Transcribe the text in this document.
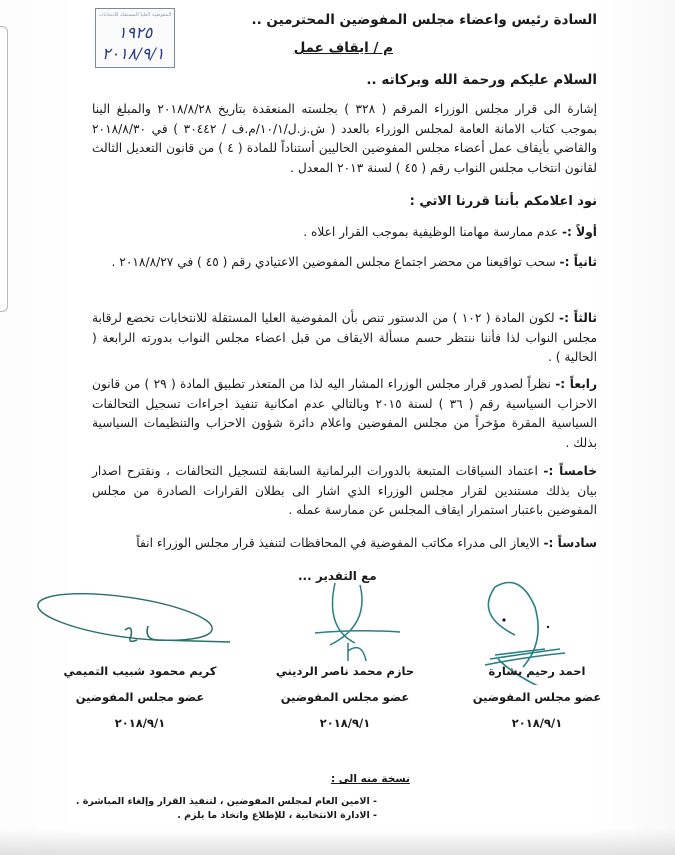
المفوضية العليا المستقلة للانتخابات
١٩٢٥
٢٠١٨/٩/١
السادة رئيس واعضاء مجلس المفوضين المحترمين ..
م / ايقاف عمل
السلام عليكم ورحمة الله وبركاته ..
إشارة الى قرار مجلس الوزراء المرقم ( ٣٢٨ ) بجلسته المنعقدة بتاريخ ٢٠١٨/٨/٢٨ والمبلغ الينا بموجب كتاب الامانة العامة لمجلس الوزراء بالعدد ( ش.ز.ل/١٠/١/م.ف / ٣٠٤٤٢ ) في ٢٠١٨/٨/٣٠ والقاضي بأيقاف عمل أعضاء مجلس المفوضين الحاليين أستناداً للمادة ( ٤ ) من قانون التعديل الثالث لقانون انتخاب مجلس النواب رقم ( ٤٥ ) لسنة ٢٠١٣ المعدل .
نود اعلامكم بأننا قررنا الاتي :
أولاً :- عدم ممارسة مهامنا الوظيفية بموجب القرار اعلاه .
ثانياً :- سحب تواقيعنا من محضر اجتماع مجلس المفوضين الاعتيادي رقم ( ٤٥ ) في ٢٠١٨/٨/٢٧ .
ثالثاً :- لكون المادة ( ١٠٢ ) من الدستور تنص بأن المفوضية العليا المستقلة للانتخابات تخضع لرقابة مجلس النواب لذا فأننا ننتظر حسم مسألة الايقاف من قبل اعضاء مجلس النواب بدورته الرابعة ( الحالية ) .
رابعاً :- نظراً لصدور قرار مجلس الوزراء المشار اليه لذا من المتعذر تطبيق المادة ( ٢٩ ) من قانون الاحزاب السياسية رقم ( ٣٦ ) لسنة ٢٠١٥ وبالتالي عدم امكانية تنفيذ اجراءات تسجيل التحالفات السياسية المقرة مؤخراً من مجلس المفوضين واعلام دائرة شؤون الاحزاب والتنظيمات السياسية بذلك .
خامساً :- اعتماد السياقات المتبعة بالدورات البرلمانية السابقة لتسجيل التحالفات ، ونقترح اصدار بيان بذلك مستندين لقرار مجلس الوزراء الذي اشار الى بطلان القرارات الصادرة من مجلس المفوضين باعتبار استمرار ايقاف المجلس عن ممارسة عمله .
سادساً :- الايعاز الى مدراء مكاتب المفوضية في المحافظات لتنفيذ قرار مجلس الوزراء انفاً
مع التقدير ...
احمد رحيم بشارة
عضو مجلس المفوضين
٢٠١٨/٩/١
حازم محمد ناصر الرديني
عضو مجلس المفوضين
٢٠١٨/٩/١
كريم محمود شبيب التميمي
عضو مجلس المفوضين
٢٠١٨/٩/١
نسخة منه الى :
- الامين العام لمجلس المفوضين ، لتنفيذ القرار وإلغاء المباشرة .
- الادارة الانتخابية ، للإطلاع واتخاذ ما يلزم .
